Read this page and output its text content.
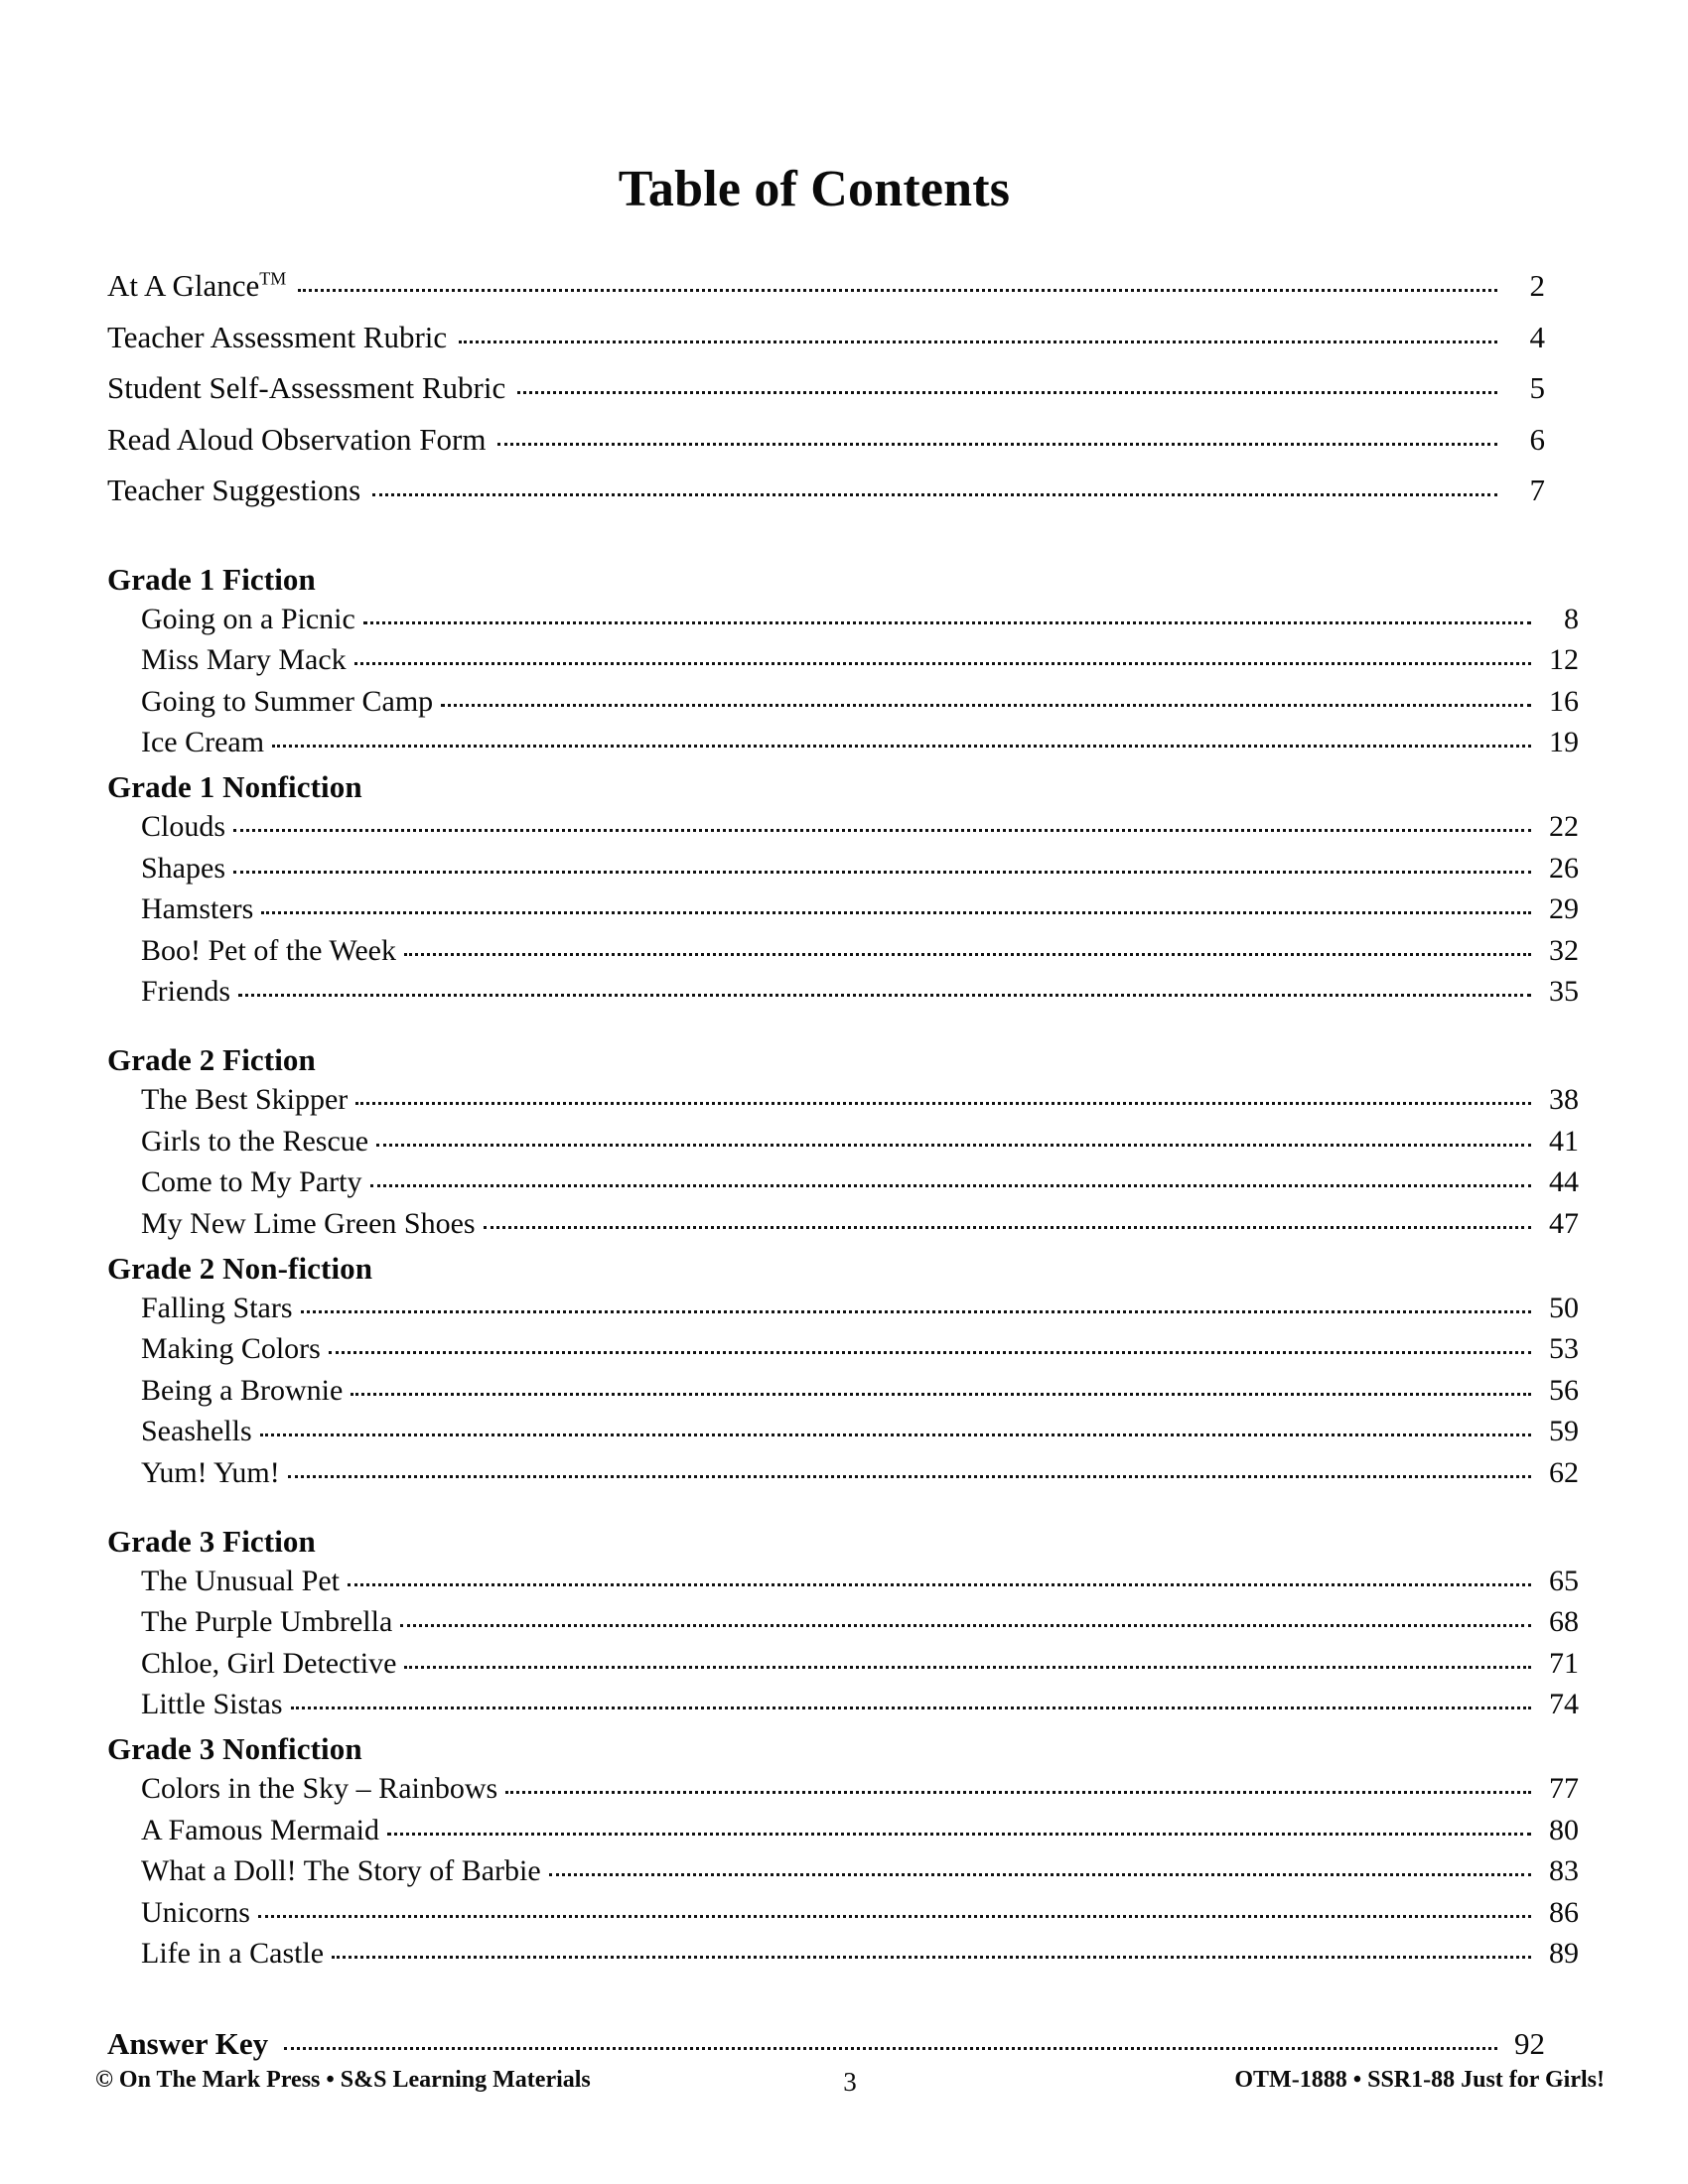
Table of Contents
At A Glance™	2
Teacher Assessment Rubric	4
Student Self-Assessment Rubric	5
Read Aloud Observation Form	6
Teacher Suggestions	7
Grade 1 Fiction
Going on a Picnic	8
Miss Mary Mack	12
Going to Summer Camp	16
Ice Cream	19
Grade 1 Nonfiction
Clouds	22
Shapes	26
Hamsters	29
Boo! Pet of the Week	32
Friends	35
Grade 2 Fiction
The Best Skipper	38
Girls to the Rescue	41
Come to My Party	44
My New Lime Green Shoes	47
Grade 2 Non-fiction
Falling Stars	50
Making Colors	53
Being a Brownie	56
Seashells	59
Yum! Yum!	62
Grade 3 Fiction
The Unusual Pet	65
The Purple Umbrella	68
Chloe, Girl Detective	71
Little Sistas	74
Grade 3 Nonfiction
Colors in the Sky – Rainbows	77
A Famous Mermaid	80
What a Doll! The Story of Barbie	83
Unicorns	86
Life in a Castle	89
Answer Key	92
© On The Mark Press • S&S Learning Materials	3	OTM-1888 • SSR1-88 Just for Girls!
